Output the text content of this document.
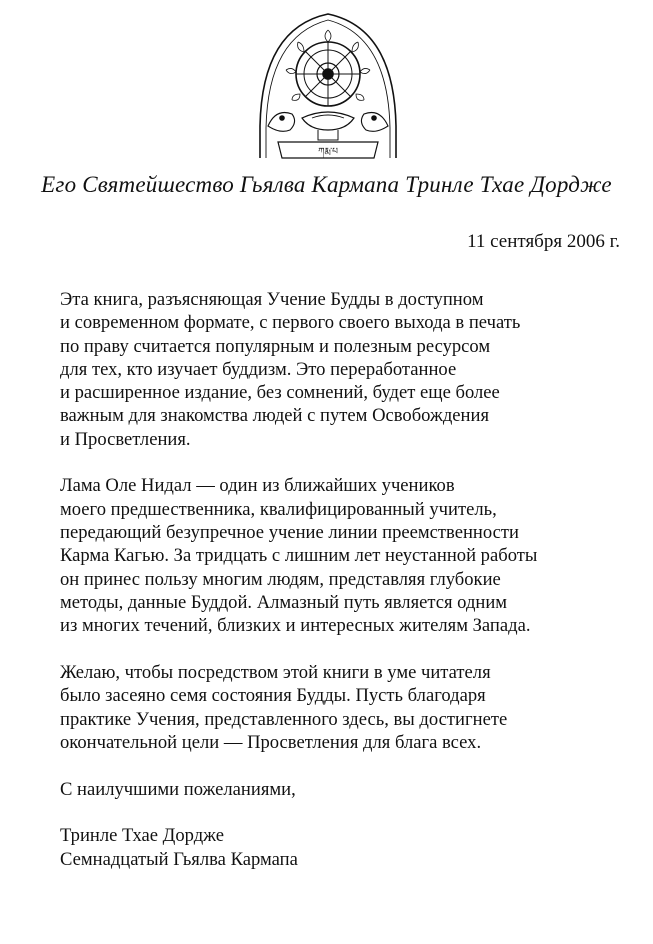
ཀརྨ་པ
Его Святейшество Гьялва Кармапа Тринле Тхае Дордже
11 сентября 2006 г.
Эта книга, разъясняющая Учение Будды в доступном
и современном формате, с первого своего выхода в печать
по праву считается популярным и полезным ресурсом
для тех, кто изучает буддизм. Это переработанное
и расширенное издание, без сомнений, будет еще более
важным для знакомства людей с путем Освобождения
и Просветления.
Лама Оле Нидал — один из ближайших учеников
моего предшественника, квалифицированный учитель,
передающий безупречное учение линии преемственности
Карма Кагью. За тридцать с лишним лет неустанной работы
он принес пользу многим людям, представляя глубокие
методы, данные Буддой. Алмазный путь является одним
из многих течений, близких и интересных жителям Запада.
Желаю, чтобы посредством этой книги в уме читателя
было засеяно семя состояния Будды. Пусть благодаря
практике Учения, представленного здесь, вы достигнете
окончательной цели — Просветления для блага всех.
С наилучшими пожеланиями,
Тринле Тхае Дордже
Семнадцатый Гьялва Кармапа
